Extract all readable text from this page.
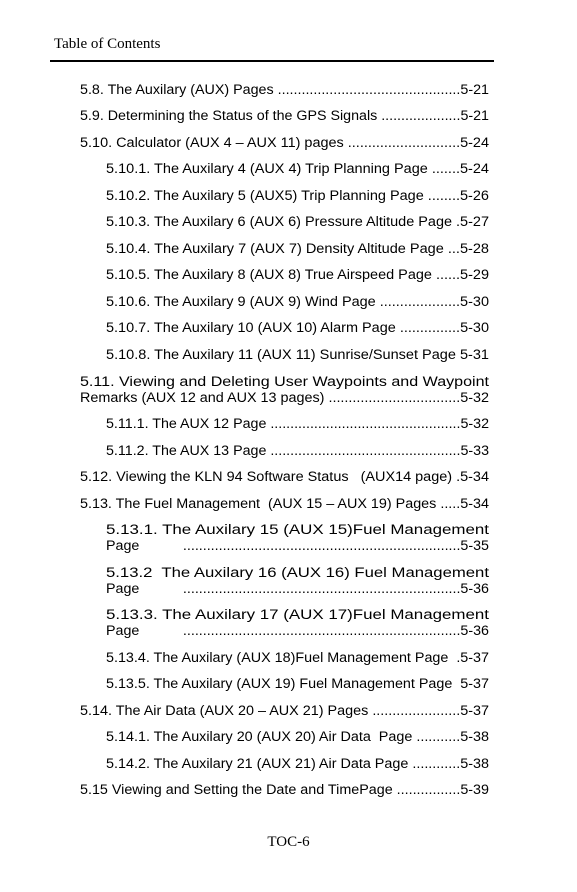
Table of Contents
5.8. The Auxilary (AUX) Pages ..............................................5-21
5.9. Determining the Status of the GPS Signals ....................5-21
5.10. Calculator (AUX 4 – AUX 11) pages ............................5-24
5.10.1. The Auxilary 4 (AUX 4) Trip Planning Page .......5-24
5.10.2. The Auxilary 5 (AUX5) Trip Planning Page ........5-26
5.10.3. The Auxilary 6 (AUX 6) Pressure Altitude Page .5-27
5.10.4. The Auxilary 7 (AUX 7) Density Altitude Page ...5-28
5.10.5. The Auxilary 8 (AUX 8) True Airspeed Page ......5-29
5.10.6. The Auxilary 9 (AUX 9) Wind Page ....................5-30
5.10.7. The Auxilary 10 (AUX 10) Alarm Page ...............5-30
5.10.8. The Auxilary 11 (AUX 11) Sunrise/Sunset Page 5-31
5.11. Viewing and Deleting User Waypoints and Waypoint
Remarks (AUX 12 and AUX 13 pages) .................................5-32
5.11.1. The AUX 12 Page ................................................5-32
5.11.2. The AUX 13 Page ................................................5-33
5.12. Viewing the KLN 94 Software Status   (AUX14 page) .5-34
5.13. The Fuel Management  (AUX 15 – AUX 19) Pages .....5-34
5.13.1. The Auxilary 15 (AUX 15)Fuel Management
Page           ......................................................................5-35
5.13.2  The Auxilary 16 (AUX 16) Fuel Management
Page           ......................................................................5-36
5.13.3. The Auxilary 17 (AUX 17)Fuel Management
Page           ......................................................................5-36
5.13.4. The Auxilary (AUX 18)Fuel Management Page  .5-37
5.13.5. The Auxilary (AUX 19) Fuel Management Page  5-37
5.14. The Air Data (AUX 20 – AUX 21) Pages ......................5-37
5.14.1. The Auxilary 20 (AUX 20) Air Data  Page ...........5-38
5.14.2. The Auxilary 21 (AUX 21) Air Data Page ............5-38
5.15 Viewing and Setting the Date and TimePage ................5-39
TOC-6
